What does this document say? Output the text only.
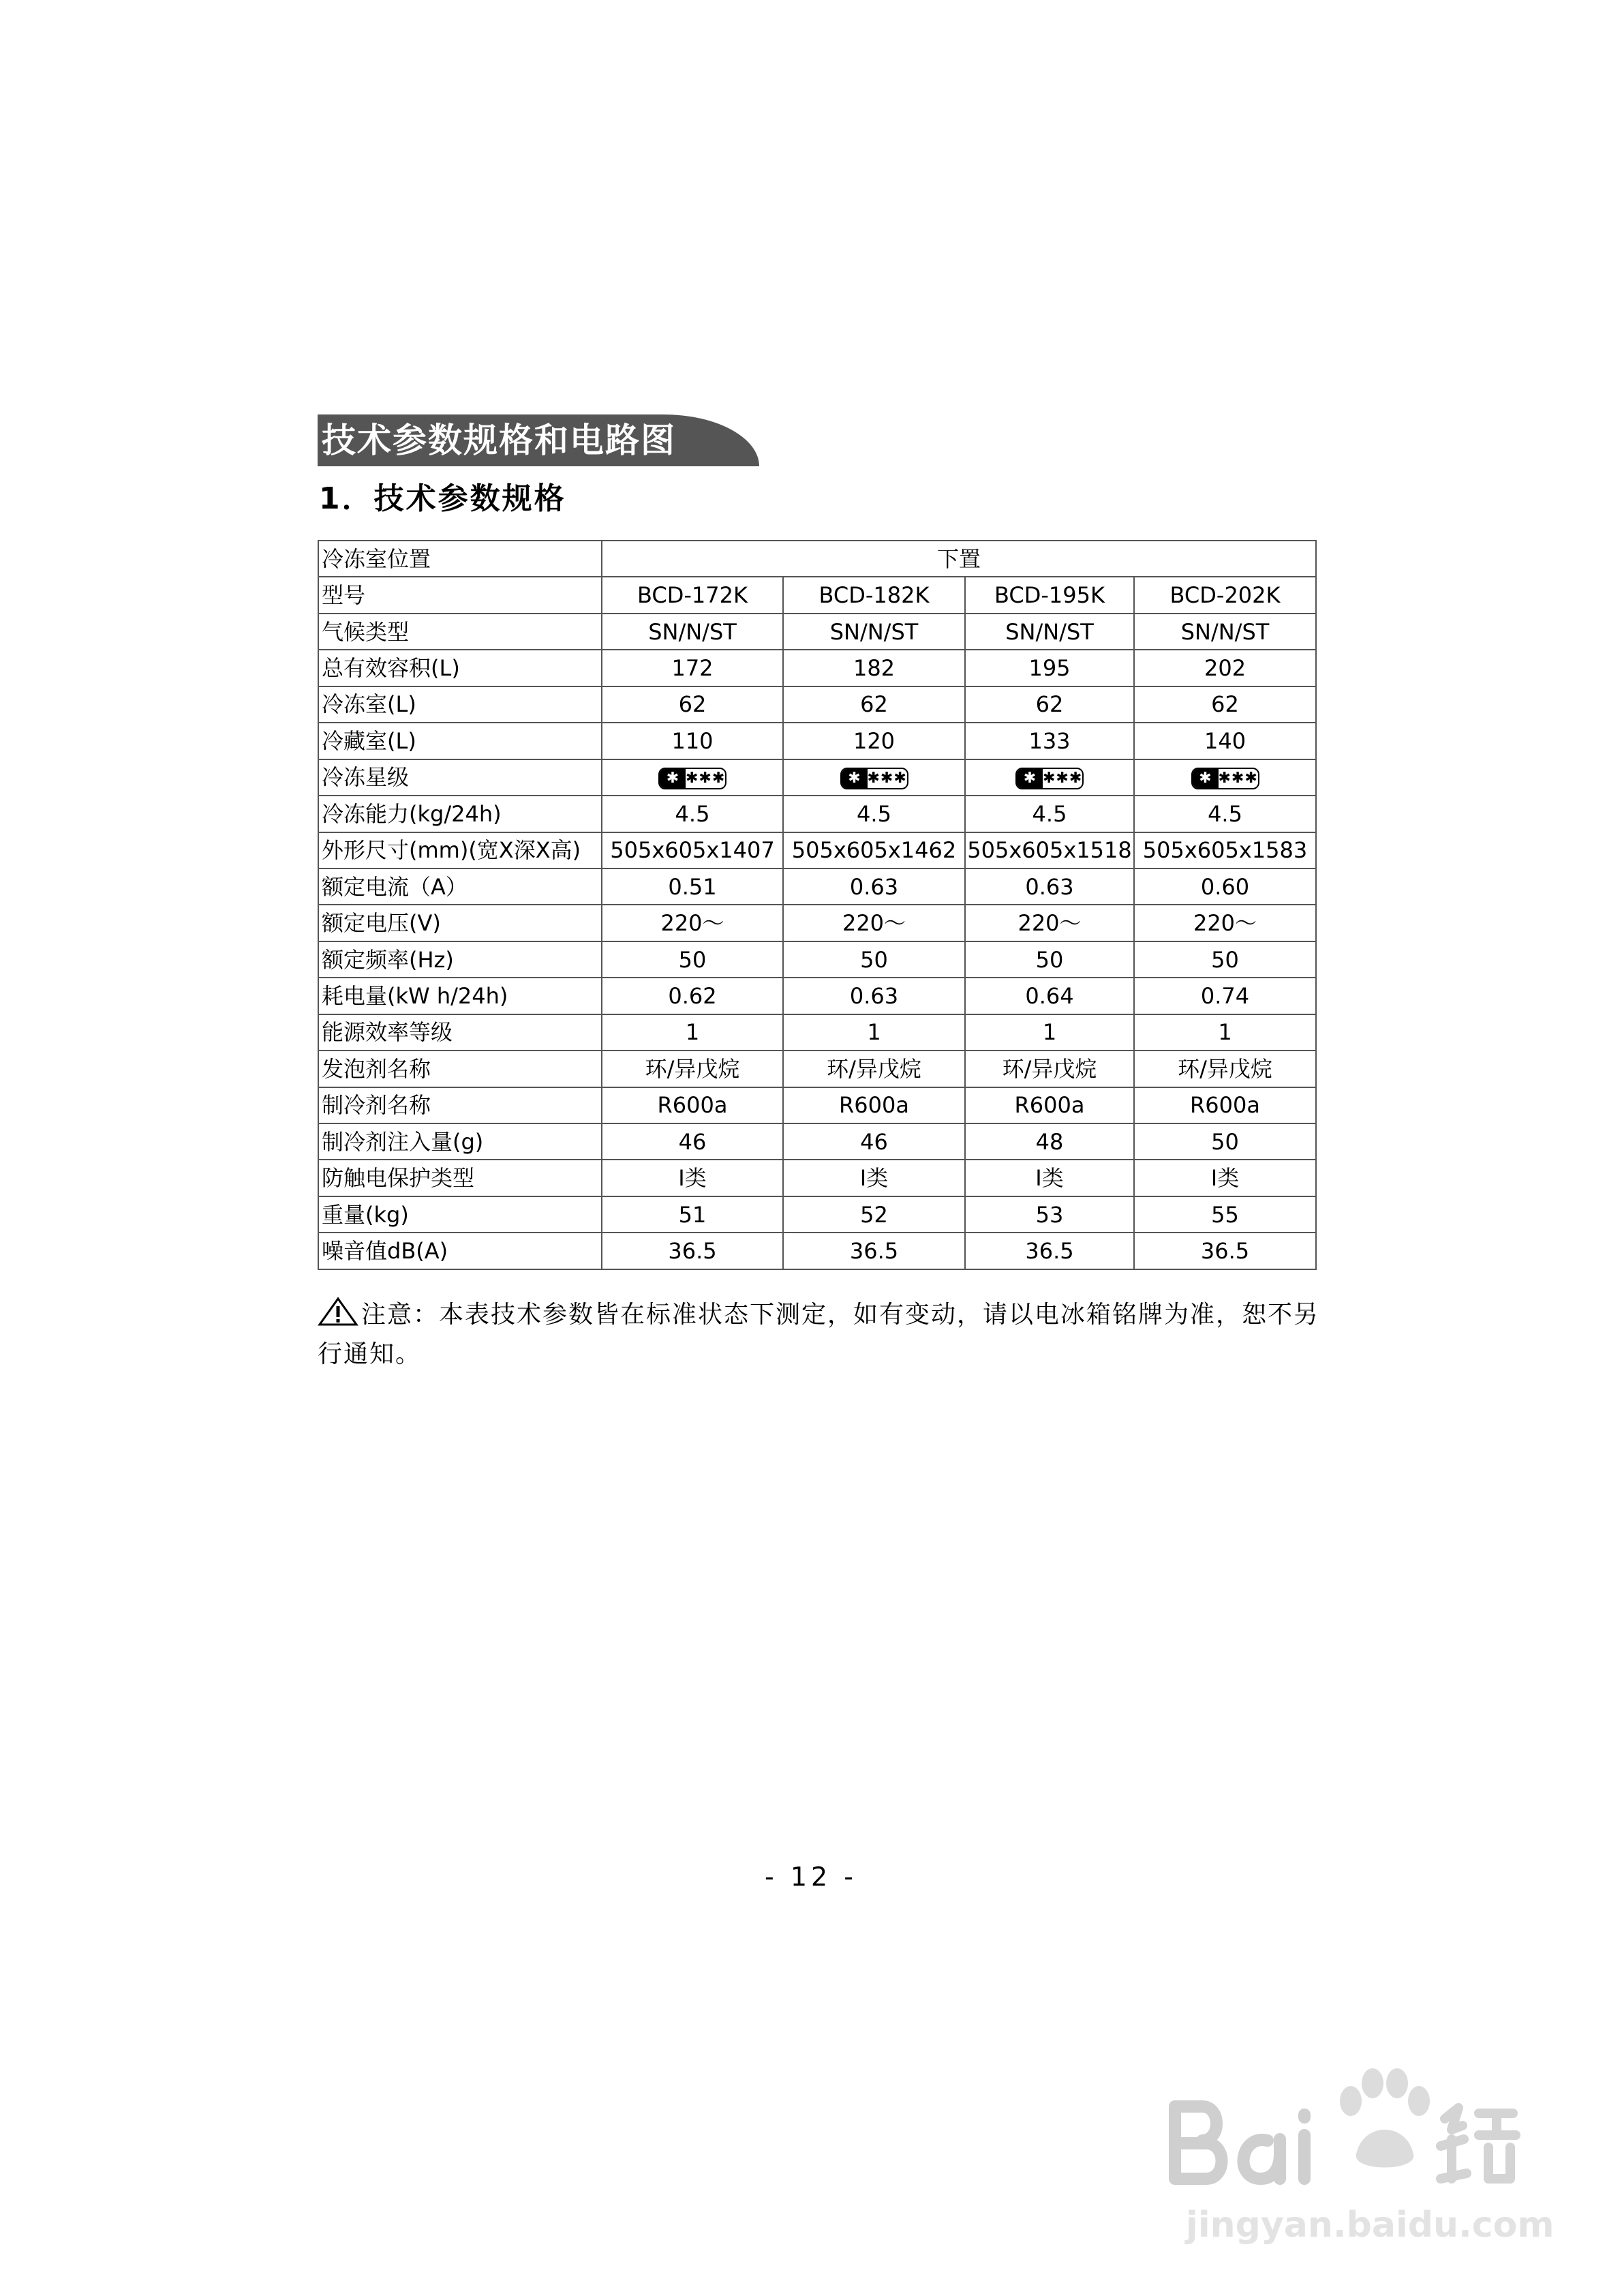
技术参数规格和电路图
1．技术参数规格
冷冻室位置	下置			
型号	BCD-172K	BCD-182K	BCD-195K	BCD-202K
气候类型	SN/N/ST	SN/N/ST	SN/N/ST	SN/N/ST
总有效容积(L)	172	182	195	202
冷冻室(L)	62	62	62	62
冷藏室(L)	110	120	133	140
冷冻星级	✱ ✱✱✱	✱ ✱✱✱	✱ ✱✱✱	✱ ✱✱✱

冷冻能力(kg/24h)	4.5	4.5	4.5	4.5
外形尺寸(mm)(宽X深X高)	505x605x1407	505x605x1462	505x605x1518	505x605x1583
额定电流（A）	0.51	0.63	0.63	0.60
额定电压(V)	220～	220～	220～	220～
额定频率(Hz)	50	50	50	50
耗电量(kW h/24h)	0.62	0.63	0.64	0.74
能源效率等级	1	1	1	1
发泡剂名称	环/异戊烷	环/异戊烷	环/异戊烷	环/异戊烷
制冷剂名称	R600a	R600a	R600a	R600a
制冷剂注入量(g)	46	46	48	50
防触电保护类型	Ⅰ类	Ⅰ类	Ⅰ类	Ⅰ类
重量(kg)	51	52	53	55
噪音值dB(A)	36.5	36.5	36.5	36.5
注意：本表技术参数皆在标准状态下测定，如有变动，请以电冰箱铭牌为准，恕不另行通知。
- 12 -
jingyan.baidu.com
